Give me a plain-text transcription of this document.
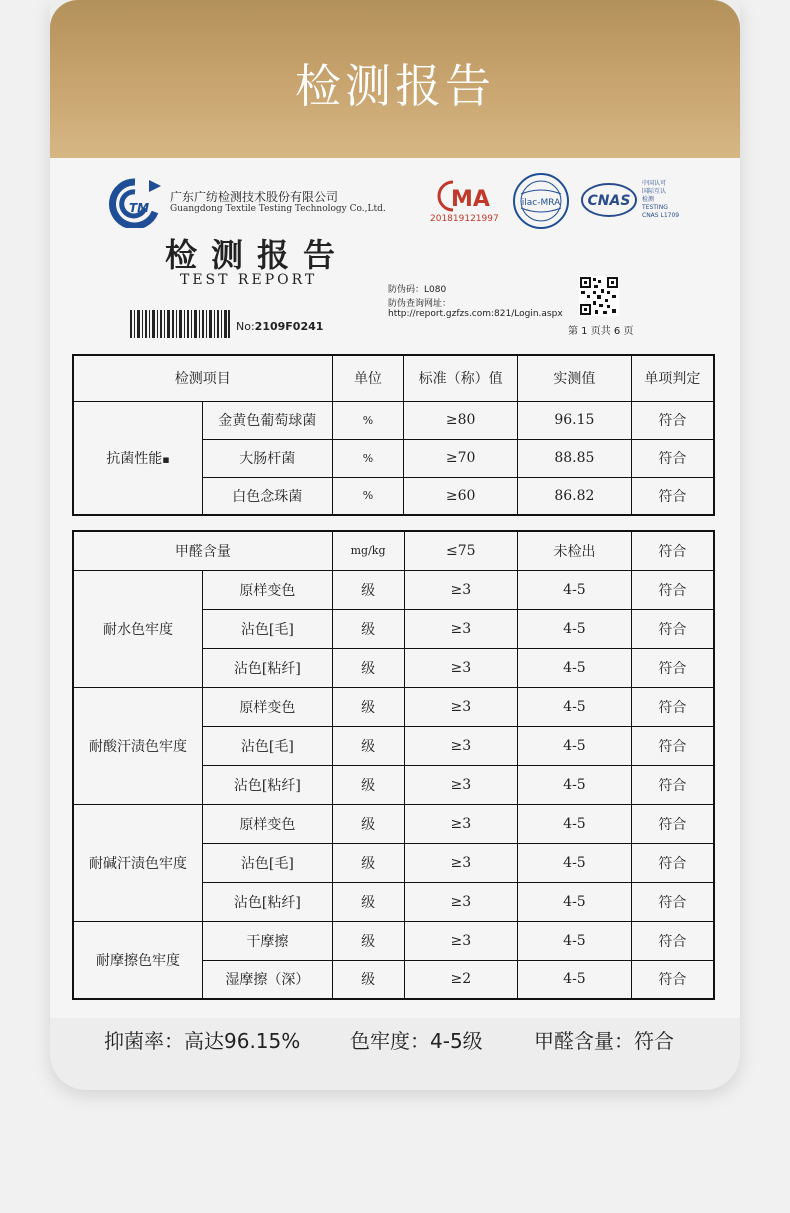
检测报告
TM
广东广纺检测技术股份有限公司
Guangdong Textile Testing Technology Co.,Ltd.
检测报告
TEST REPORT
No:2109F0241
MA
201819121997
ilac-MRA CNAS
中国认可
国际互认
检测
TESTING
CNAS L1709
防伪码：L080
防伪查询网址：
http://report.gzfzs.com:821/Login.aspx
第 1 页共 6 页
检测项目		单位	标准（称）值	实测值	单项判定
抗菌性能▪	金黄色葡萄球菌	%	≥80	96.15	符合
	大肠杆菌	%	≥70	88.85	符合
	白色念珠菌	%	≥60	86.82	符合
甲醛含量		mg/kg	≤75	未检出	符合
耐水色牢度	原样变色	级	≥3	4-5	符合
	沾色[毛]	级	≥3	4-5	符合
	沾色[粘纤]	级	≥3	4-5	符合
耐酸汗渍色牢度	原样变色	级	≥3	4-5	符合
	沾色[毛]	级	≥3	4-5	符合
	沾色[粘纤]	级	≥3	4-5	符合
耐碱汗渍色牢度	原样变色	级	≥3	4-5	符合
	沾色[毛]	级	≥3	4-5	符合
	沾色[粘纤]	级	≥3	4-5	符合
耐摩擦色牢度	干摩擦	级	≥3	4-5	符合
	湿摩擦（深）	级	≥2	4-5	符合
抑菌率：高达96.15% 色牢度：4-5级	甲醛含量：符合
